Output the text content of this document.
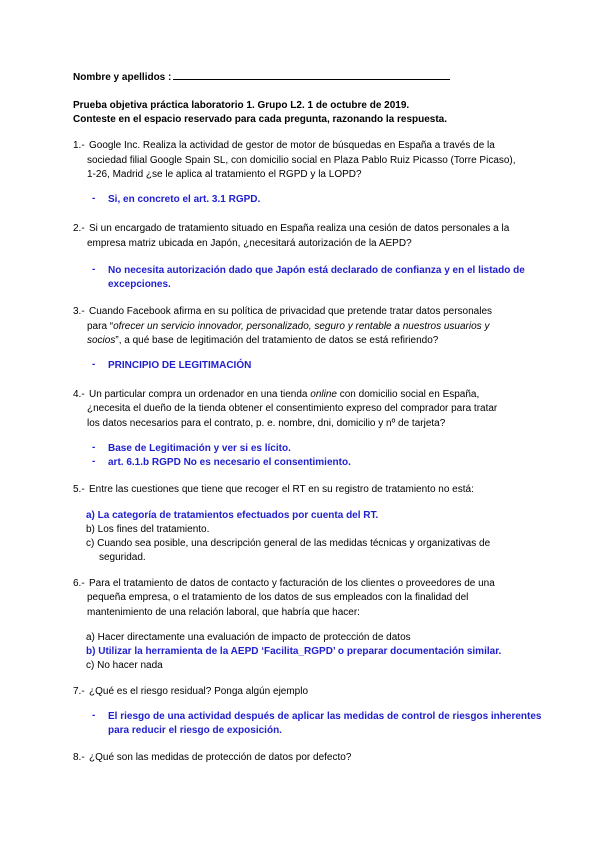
Nombre y apellidos :
Prueba objetiva práctica laboratorio 1. Grupo L2. 1 de octubre de 2019.
Conteste en el espacio reservado para cada pregunta, razonando la respuesta.
1.- Google Inc. Realiza la actividad de gestor de motor de búsquedas en España a través de la
sociedad filial Google Spain SL, con domicilio social en Plaza Pablo Ruiz Picasso (Torre Picaso),
1-26, Madrid ¿se le aplica al tratamiento el RGPD y la LOPD?
- Si, en concreto el art. 3.1 RGPD.
2.- Si un encargado de tratamiento situado en España realiza una cesión de datos personales a la
empresa matriz ubicada en Japón, ¿necesitará autorización de la AEPD?
- No necesita autorización dado que Japón está declarado de confianza y en el listado de
excepciones.
3.- Cuando Facebook afirma en su política de privacidad que pretende tratar datos personales
para “ofrecer un servicio innovador, personalizado, seguro y rentable a nuestros usuarios y
socios”, a qué base de legitimación del tratamiento de datos se está refiriendo?
- PRINCIPIO DE LEGITIMACIÓN
4.- Un particular compra un ordenador en una tienda online con domicilio social en España,
¿necesita el dueño de la tienda obtener el consentimiento expreso del comprador para tratar
los datos necesarios para el contrato, p. e. nombre, dni, domicilio y nº de tarjeta?
- Base de Legitimación y ver si es lícito.
- art. 6.1.b RGPD No es necesario el consentimiento.
5.- Entre las cuestiones que tiene que recoger el RT en su registro de tratamiento no está:
a) La categoría de tratamientos efectuados por cuenta del RT.
b) Los fines del tratamiento.
c) Cuando sea posible, una descripción general de las medidas técnicas y organizativas de
seguridad.
6.- Para el tratamiento de datos de contacto y facturación de los clientes o proveedores de una
pequeña empresa, o el tratamiento de los datos de sus empleados con la finalidad del
mantenimiento de una relación laboral, que habría que hacer:
a) Hacer directamente una evaluación de impacto de protección de datos
b) Utilizar la herramienta de la AEPD ‘Facilita_RGPD’ o preparar documentación similar.
c) No hacer nada
7.- ¿Qué es el riesgo residual? Ponga algún ejemplo
- El riesgo de una actividad después de aplicar las medidas de control de riesgos inherentes
para reducir el riesgo de exposición.
8.- ¿Qué son las medidas de protección de datos por defecto?
